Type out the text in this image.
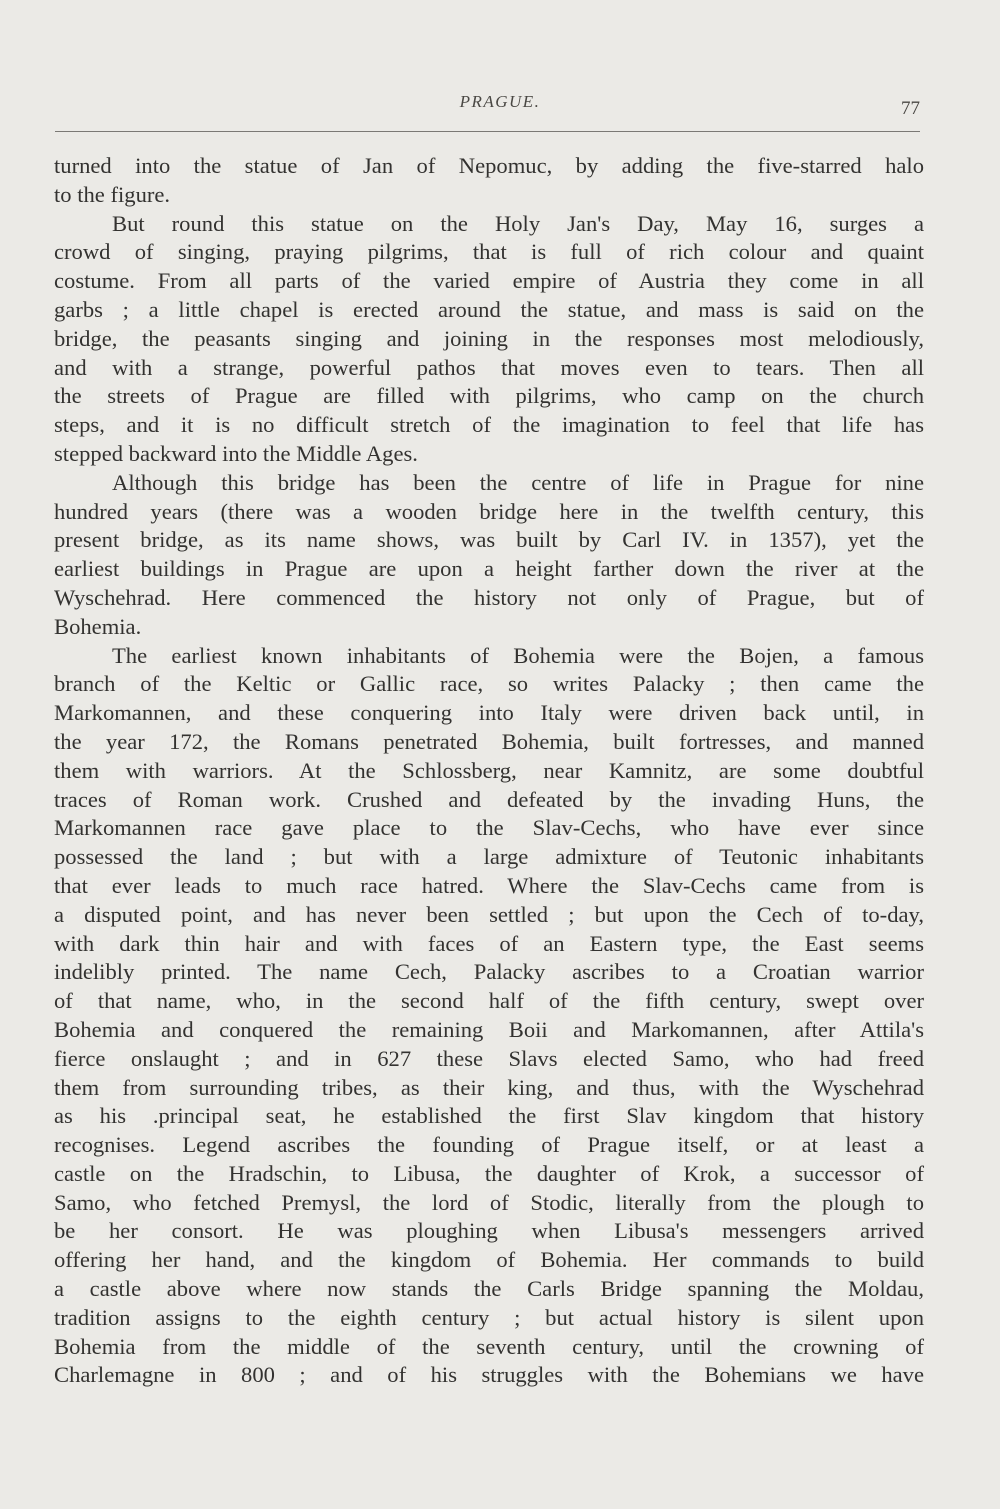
PRAGUE.	77
turned into the statue of Jan of Nepomuc, by adding the five-starred halo
to the figure.
But round this statue on the Holy Jan's Day, May 16, surges a
crowd of singing, praying pilgrims, that is full of rich colour and quaint
costume. From all parts of the varied empire of Austria they come in all
garbs ; a little chapel is erected around the statue, and mass is said on the
bridge, the peasants singing and joining in the responses most melodiously,
and with a strange, powerful pathos that moves even to tears. Then all
the streets of Prague are filled with pilgrims, who camp on the church
steps, and it is no difficult stretch of the imagination to feel that life has
stepped backward into the Middle Ages.
Although this bridge has been the centre of life in Prague for nine
hundred years (there was a wooden bridge here in the twelfth century, this
present bridge, as its name shows, was built by Carl IV. in 1357), yet the
earliest buildings in Prague are upon a height farther down the river at the
Wyschehrad. Here commenced the history not only of Prague, but of
Bohemia.
The earliest known inhabitants of Bohemia were the Bojen, a famous
branch of the Keltic or Gallic race, so writes Palacky ; then came the
Markomannen, and these conquering into Italy were driven back until, in
the year 172, the Romans penetrated Bohemia, built fortresses, and manned
them with warriors. At the Schlossberg, near Kamnitz, are some doubtful
traces of Roman work. Crushed and defeated by the invading Huns, the
Markomannen race gave place to the Slav-Cechs, who have ever since
possessed the land ; but with a large admixture of Teutonic inhabitants
that ever leads to much race hatred. Where the Slav-Cechs came from is
a disputed point, and has never been settled ; but upon the Cech of to-day,
with dark thin hair and with faces of an Eastern type, the East seems
indelibly printed. The name Cech, Palacky ascribes to a Croatian warrior
of that name, who, in the second half of the fifth century, swept over
Bohemia and conquered the remaining Boii and Markomannen, after Attila's
fierce onslaught ; and in 627 these Slavs elected Samo, who had freed
them from surrounding tribes, as their king, and thus, with the Wyschehrad
as his .principal seat, he established the first Slav kingdom that history
recognises. Legend ascribes the founding of Prague itself, or at least a
castle on the Hradschin, to Libusa, the daughter of Krok, a successor of
Samo, who fetched Premysl, the lord of Stodic, literally from the plough to
be her consort. He was ploughing when Libusa's messengers arrived
offering her hand, and the kingdom of Bohemia. Her commands to build
a castle above where now stands the Carls Bridge spanning the Moldau,
tradition assigns to the eighth century ; but actual history is silent upon
Bohemia from the middle of the seventh century, until the crowning of
Charlemagne in 800 ; and of his struggles with the Bohemians we have
